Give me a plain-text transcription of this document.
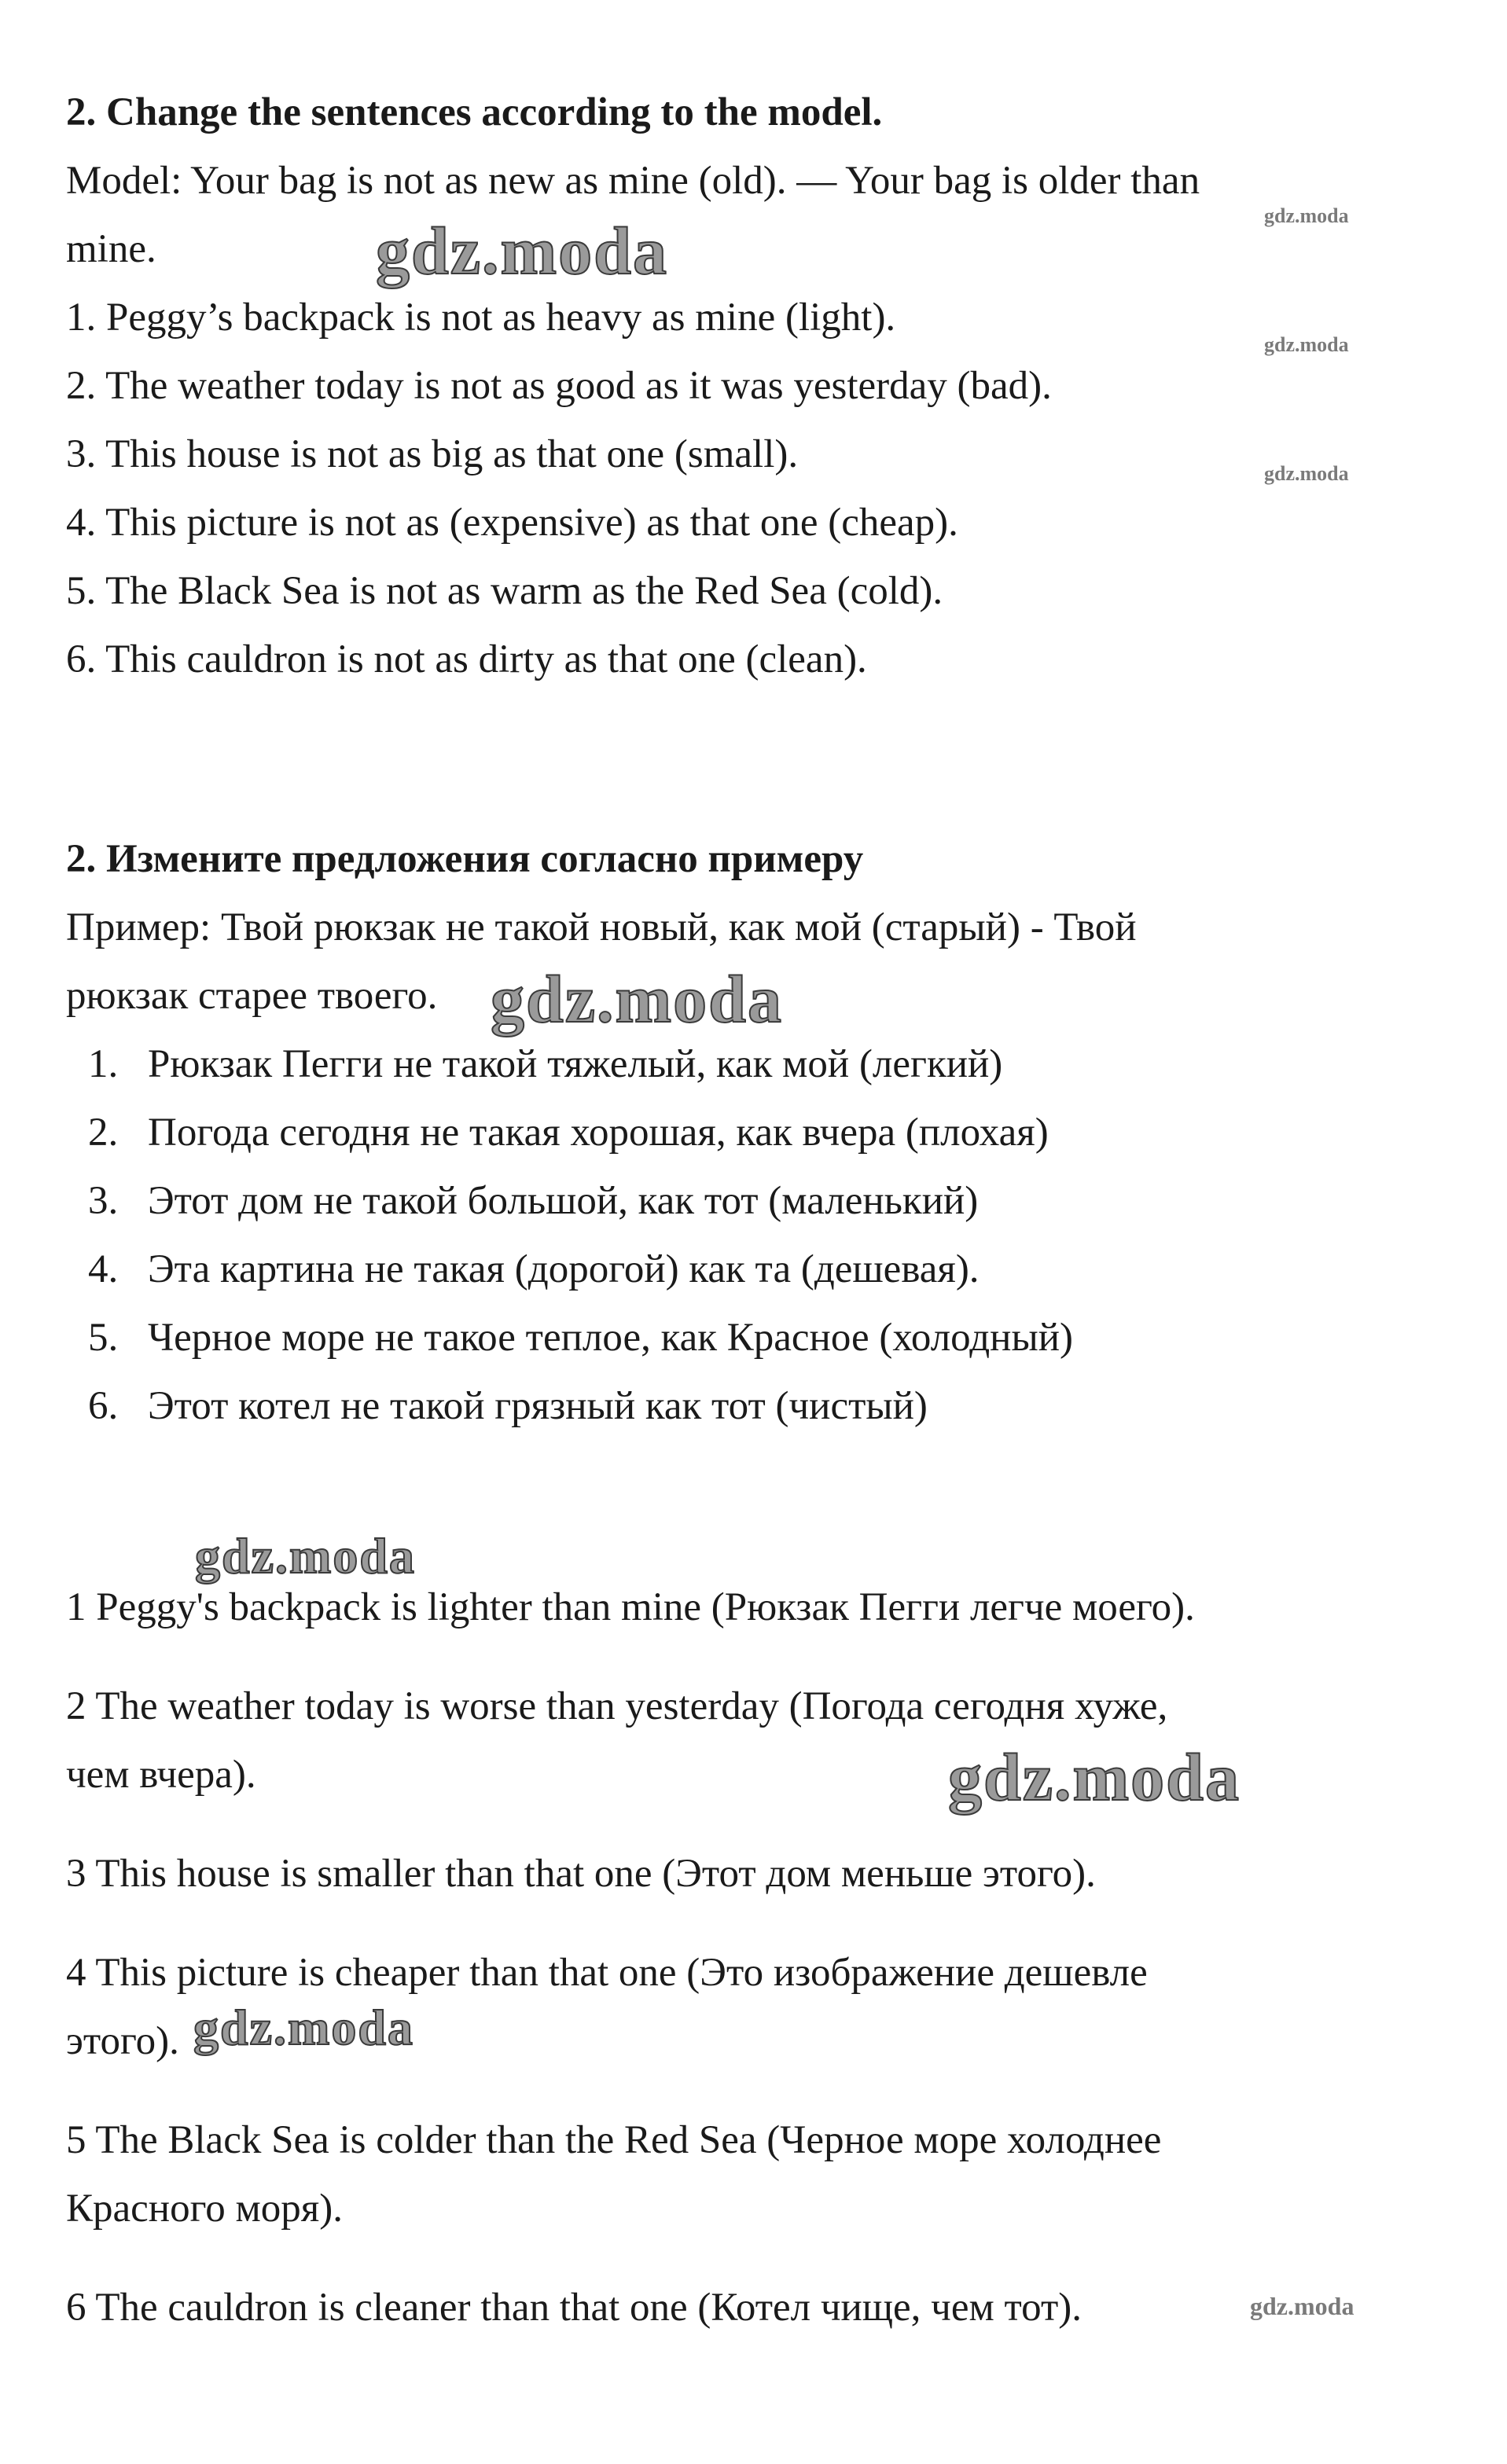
2. Change the sentences according to the model.
Model: Your bag is not as new as mine (old). — Your bag is older than
mine.
1. Peggy’s backpack is not as heavy as mine (light).
2. The weather today is not as good as it was yesterday (bad).
3. This house is not as big as that one (small).
4. This picture is not as (expensive) as that one (cheap).
5. The Black Sea is not as warm as the Red Sea (cold).
6. This cauldron is not as dirty as that one (clean).
2. Измените предложения согласно примеру
Пример: Твой рюкзак не такой новый, как мой (старый) - Твой
рюкзак старее твоего.
1. Рюкзак Пегги не такой тяжелый, как мой (легкий)
2. Погода сегодня не такая хорошая, как вчера (плохая)
3. Этот дом не такой большой, как тот (маленький)
4. Эта картина не такая (дорогой) как та (дешевая).
5. Черное море не такое теплое, как Красное (холодный)
6. Этот котел не такой грязный как тот (чистый)
1 Peggy's backpack is lighter than mine (Рюкзак Пегги легче моего).
2 The weather today is worse than yesterday (Погода сегодня хуже,
чем вчера).
3 This house is smaller than that one (Этот дом меньше этого).
4 This picture is cheaper than that one (Это изображение дешевле
этого).
5 The Black Sea is colder than the Red Sea (Черное море холоднее
Красного моря).
6 The cauldron is cleaner than that one (Котел чище, чем тот).
gdz.moda	gdz.moda
gdz.moda
gdz.moda
gdz.moda
gdz.moda
gdz.moda
gdz.moda
gdz.moda
